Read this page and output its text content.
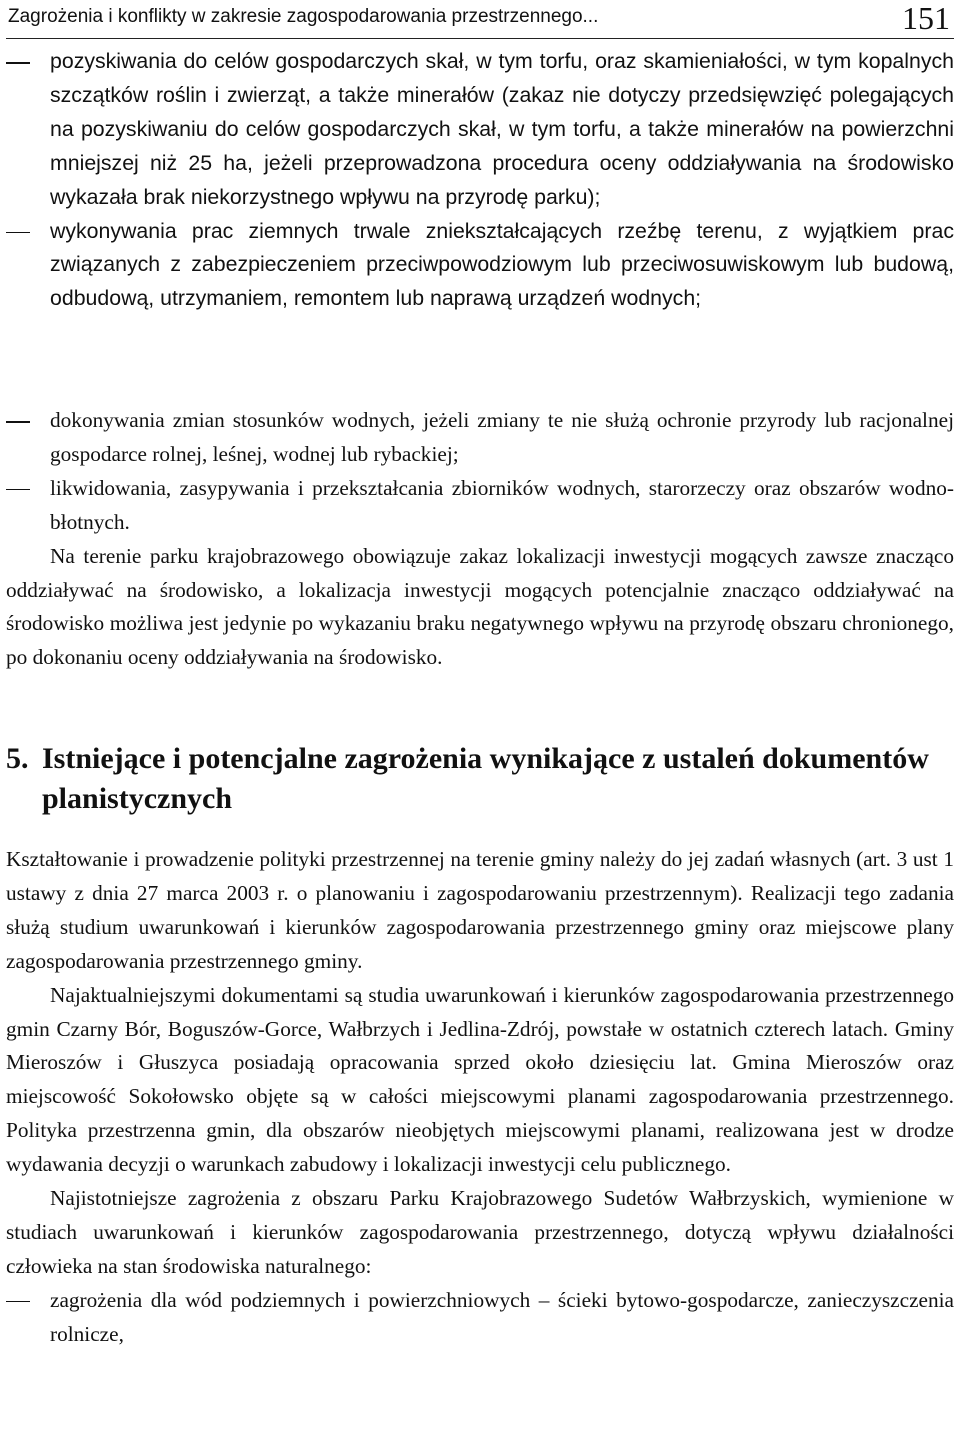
Zagrożenia i konflikty w zakresie zagospodarowania przestrzennego...	151
pozyskiwania do celów gospodarczych skał, w tym torfu, oraz skamieniałości, w tym kopalnych szczątków roślin i zwierząt, a także minerałów (zakaz nie dotyczy przedsięwzięć polegających na pozyskiwaniu do celów gospodarczych skał, w tym torfu, a także minerałów na powierzchni mniejszej niż 25 ha, jeżeli przeprowadzona procedura oceny oddziaływania na środowisko wykazała brak niekorzystnego wpływu na przyrodę parku);
wykonywania prac ziemnych trwale zniekształcających rzeźbę terenu, z wyjątkiem prac związanych z zabezpieczeniem przeciwpowodziowym lub przeciwosuwiskowym lub budową, odbudową, utrzymaniem, remontem lub naprawą urządzeń wodnych;
dokonywania zmian stosunków wodnych, jeżeli zmiany te nie służą ochronie przyrody lub racjonalnej gospodarce rolnej, leśnej, wodnej lub rybackiej;
likwidowania, zasypywania i przekształcania zbiorników wodnych, starorzeczy oraz obszarów wodno-błotnych.

Na terenie parku krajobrazowego obowiązuje zakaz lokalizacji inwestycji mogących zawsze znacząco oddziaływać na środowisko, a lokalizacja inwestycji mogących potencjalnie znacząco oddziaływać na środowisko możliwa jest jedynie po wykazaniu braku negatywnego wpływu na przyrodę obszaru chronionego, po dokonaniu oceny oddziaływania na środowisko.

5. Istniejące i potencjalne zagrożenia wynikające z ustaleń dokumentów planistycznych

Kształtowanie i prowadzenie polityki przestrzennej na terenie gminy należy do jej zadań własnych (art. 3 ust 1 ustawy z dnia 27 marca 2003 r. o planowaniu i zagospodarowaniu przestrzennym). Realizacji tego zadania służą studium uwarunkowań i kierunków zagospodarowania przestrzennego gminy oraz miejscowe plany zagospodarowania przestrzennego gminy.

Najaktualniejszymi dokumentami są studia uwarunkowań i kierunków zagospodarowania przestrzennego gmin Czarny Bór, Boguszów-Gorce, Wałbrzych i Jedlina-Zdrój, powstałe w ostatnich czterech latach. Gminy Mieroszów i Głuszyca posiadają opracowania sprzed około dziesięciu lat. Gmina Mieroszów oraz miejscowość Sokołowsko objęte są w całości miejscowymi planami zagospodarowania przestrzennego. Polityka przestrzenna gmin, dla obszarów nieobjętych miejscowymi planami, realizowana jest w drodze wydawania decyzji o warunkach zabudowy i lokalizacji inwestycji celu publicznego.

Najistotniejsze zagrożenia z obszaru Parku Krajobrazowego Sudetów Wałbrzyskich, wymienione w studiach uwarunkowań i kierunków zagospodarowania przestrzennego, dotyczą wpływu działalności człowieka na stan środowiska naturalnego:

zagrożenia dla wód podziemnych i powierzchniowych – ścieki bytowo-gospodarcze, zanieczyszczenia rolnicze,
